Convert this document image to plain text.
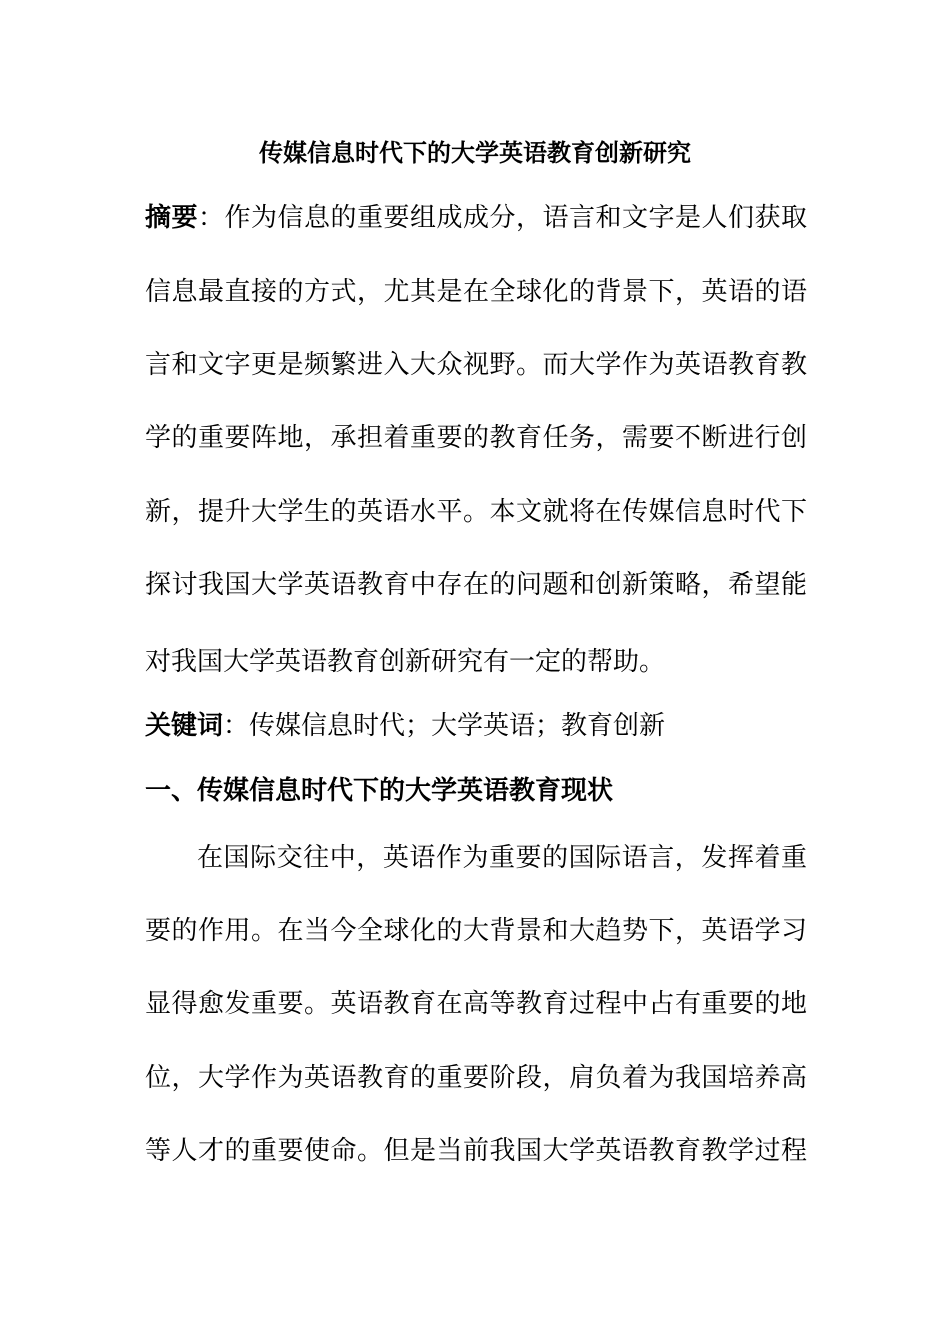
传媒信息时代下的大学英语教育创新研究
摘要：作为信息的重要组成成分，语言和文字是人们获取
信息最直接的方式，尤其是在全球化的背景下，英语的语
言和文字更是频繁进入大众视野。而大学作为英语教育教
学的重要阵地，承担着重要的教育任务，需要不断进行创
新，提升大学生的英语水平。本文就将在传媒信息时代下
探讨我国大学英语教育中存在的问题和创新策略，希望能
对我国大学英语教育创新研究有一定的帮助。
关键词：传媒信息时代；大学英语；教育创新
一、传媒信息时代下的大学英语教育现状
在国际交往中，英语作为重要的国际语言，发挥着重
要的作用。在当今全球化的大背景和大趋势下，英语学习
显得愈发重要。英语教育在高等教育过程中占有重要的地
位，大学作为英语教育的重要阶段，肩负着为我国培养高
等人才的重要使命。但是当前我国大学英语教育教学过程
